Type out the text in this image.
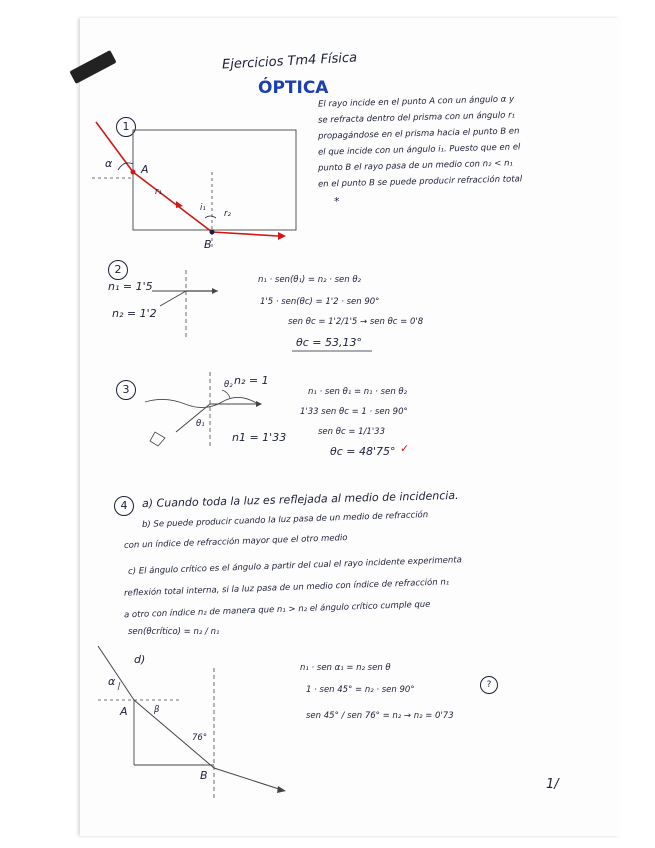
Ejercicios Tm4 Física
ÓPTICA
1
α	A
r₁
i₁
r₂
B
El rayo incide en el punto A con un ángulo α y
se refracta dentro del prisma con un ángulo r₁
propagándose en el prisma hacia el punto B en
el que incide con un ángulo i₁. Puesto que en el
punto B el rayo pasa de un medio con n₂ < n₁
en el punto B se puede producir refracción total
*
2
n₁ = 1'5
n₂ = 1'2
n₁ · sen(θ₁) = n₂ · sen θ₂
1'5 · sen(θc) = 1'2 · sen 90°
sen θc = 1'2/1'5 → sen θc = 0'8
θc = 53,13°
3	θ₂
θ₁
n₂ = 1
n1 = 1'33
n₁ · sen θ₁ = n₁ · sen θ₂
1'33 sen θc = 1 · sen 90°
sen θc = 1/1'33
θc = 48'75° ✓
4	a) Cuando toda la luz es reflejada al medio de incidencia.
b) Se puede producir cuando la luz pasa de un medio de refracción
con un índice de refracción mayor que el otro medio
c) El ángulo crítico es el ángulo a partir del cual el rayo incidente experimenta
reflexión total interna, si la luz pasa de un medio con índice de refracción n₁
a otro con índice n₂ de manera que n₁ > n₂ el ángulo crítico cumple que
sen(θcrítico) = n₂ / n₁
d)
α
A	β
76°
B
n₁ · sen α₁ = n₂ sen θ
1 · sen 45° = n₂ · sen 90°
sen 45° / sen 76° = n₂ → n₂ = 0'73
?
1/
